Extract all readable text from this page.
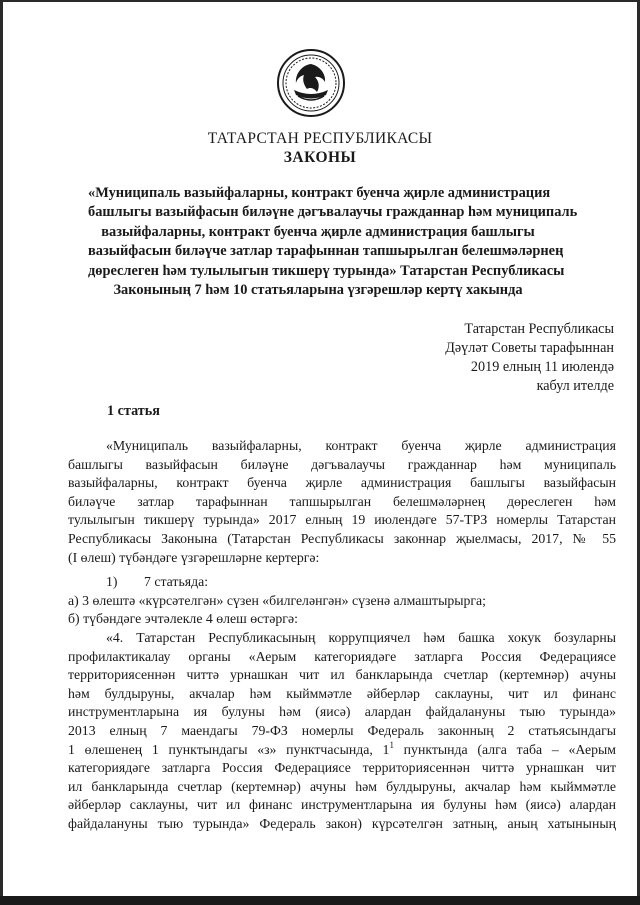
ТАТАРСТАН РЕСПУБЛИКАСЫ
ЗАКОНЫ
«Муниципаль вазыйфаларны, контракт буенча җирле администрация
башлыгы вазыйфасын биләүне дәгъвалаучы гражданнар һәм муниципаль
вазыйфаларны, контракт буенча җирле администрация башлыгы
вазыйфасын биләүче затлар тарафыннан тапшырылган белешмәләрнең
дөреслеген һәм тулылыгын тикшерү турында» Татарстан Республикасы
Законының 7 һәм 10 статьяларына үзгәрешләр кертү хакында
Татарстан Республикасы
Дәүләт Советы тарафыннан
2019 елның 11 июлендә
кабул ителде
1 статья
«Муниципаль вазыйфаларны, контракт буенча җирле администрация
башлыгы вазыйфасын биләүне дәгъвалаучы гражданнар һәм муниципаль
вазыйфаларны, контракт буенча җирле администрация башлыгы вазыйфасын
биләүче затлар тарафыннан тапшырылган белешмәләрнең дөреслеген һәм
тулылыгын тикшерү турында» 2017 елның 19 июлендәге 57-ТРЗ номерлы Татарстан
Республикасы Законына (Татарстан Республикасы законнар җыелмасы, 2017, № 55
(I өлеш) түбәндәге үзгәрешләрне кертергә:
1) 7 статьяда:
а) 3 өлештә «күрсәтелгән» сүзен «билгеләнгән» сүзенә алмаштырырга;
б) түбәндәге эчтәлекле 4 өлеш өстәргә:
«4. Татарстан Республикасының коррупциячел һәм башка хокук бозуларны
профилактикалау органы «Аерым категориядәге затларга Россия Федерациясе
территориясеннән читтә урнашкан чит ил банкларында счетлар (кертемнәр) ачуны
һәм булдыруны, акчалар һәм кыйммәтле әйберләр саклауны, чит ил финанс
инструментларына ия булуны һәм (яисә) алардан файдалануны тыю турында»
2013 елның 7 маендагы 79-ФЗ номерлы Федераль законның 2 статьясындагы
1 өлешенең 1 пунктындагы «з» пунктчасында, $1^1$ пунктында (алга таба – «Аерым
категориядәге затларга Россия Федерациясе территориясеннән читтә урнашкан чит
ил банкларында счетлар (кертемнәр) ачуны һәм булдыруны, акчалар һәм кыйммәтле
әйберләр саклауны, чит ил финанс инструментларына ия булуны һәм (яисә) алардан
файдалануны тыю турында» Федераль закон) күрсәтелгән затның, аның хатынының
